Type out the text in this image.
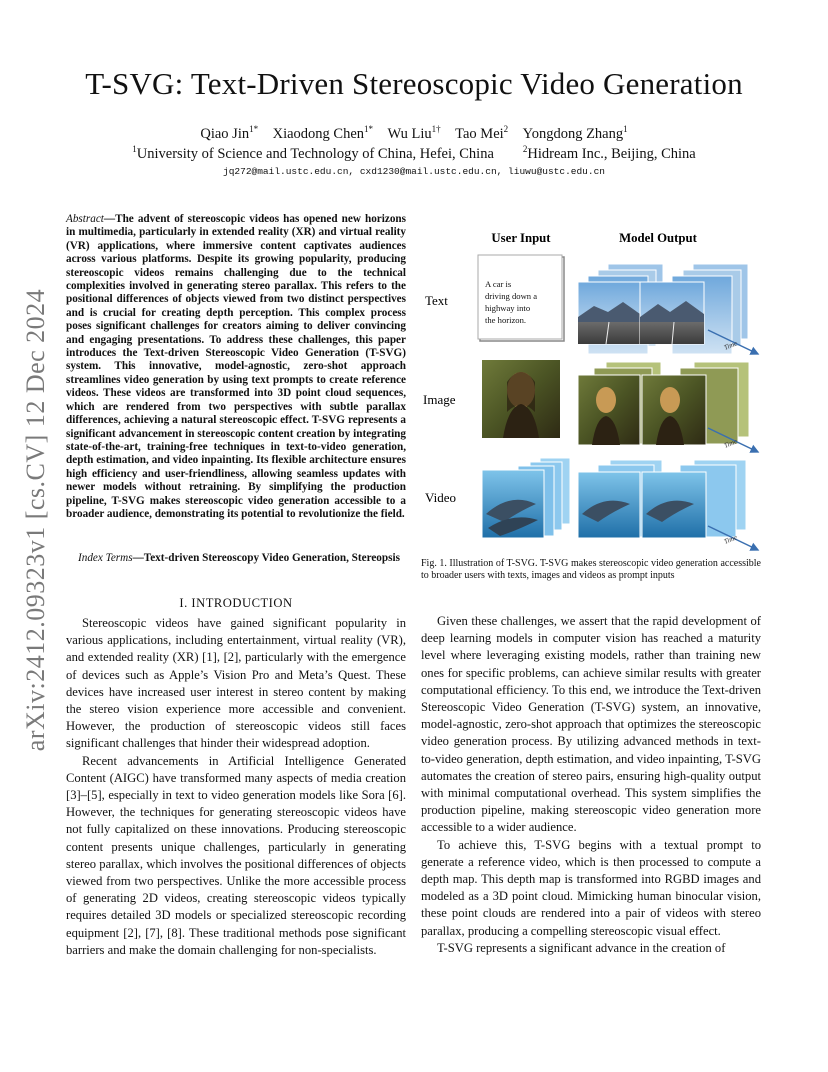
T-SVG: Text-Driven Stereoscopic Video Generation
Qiao Jin$^{1*}$  Xiaodong Chen$^{1*}$  Wu Liu$^{1\dagger}$  Tao Mei$^2$  Yongdong Zhang$^1$
$^1$University of Science and Technology of China, Hefei, China  	$^2$Hidream Inc., Beijing, China
jq272@mail.ustc.edu.cn, cxd1230@mail.ustc.edu.cn, liuwu@ustc.edu.cn
arXiv:2412.09323v1 [cs.CV] 12 Dec 2024
Abstract—The advent of stereoscopic videos has opened new horizons in multimedia, particularly in extended reality (XR) and virtual reality (VR) applications, where immersive content captivates audiences across various platforms. Despite its growing popularity, producing stereoscopic videos remains challenging due to the technical complexities involved in generating stereo parallax. This refers to the positional differences of objects viewed from two distinct perspectives and is crucial for creating depth perception. This complex process poses significant challenges for creators aiming to deliver convincing and engaging presentations. To address these challenges, this paper introduces the Text-driven Stereoscopic Video Generation (T-SVG) system. This innovative, model-agnostic, zero-shot approach streamlines video generation by using text prompts to create reference videos. These videos are transformed into 3D point cloud sequences, which are rendered from two perspectives with subtle parallax differences, achieving a natural stereoscopic effect. T-SVG represents a significant advancement in stereoscopic content creation by integrating state-of-the-art, training-free techniques in text-to-video generation, depth estimation, and video inpainting. Its flexible architecture ensures high efficiency and user-friendliness, allowing seamless updates with newer models without retraining. By simplifying the production pipeline, T-SVG makes stereoscopic video generation accessible to a broader audience, demonstrating its potential to revolutionize the field.
Index Terms—Text-driven Stereoscopy Video Generation, Stereopsis
I. INTRODUCTION

Stereoscopic videos have gained significant popularity in various applications, including entertainment, virtual reality (VR), and extended reality (XR) [1], [2], particularly with the emergence of devices such as Apple’s Vision Pro and Meta’s Quest. These devices have increased user interest in stereo content by making the stereo vision experience more accessible and convenient. However, the production of stereoscopic videos still faces significant challenges that hinder their widespread adoption.

Recent advancements in Artificial Intelligence Generated Content (AIGC) have transformed many aspects of media creation [3]–[5], especially in text to video generation models like Sora [6]. However, the techniques for generating stereoscopic videos have not fully capitalized on these innovations. Producing stereoscopic content presents unique challenges, particularly in generating stereo parallax, which involves the positional differences of objects viewed from two perspectives. Unlike the more accessible process of generating 2D videos, creating stereoscopic videos typically requires detailed 3D models or specialized stereoscopic recording equipment [2], [7], [8]. These traditional methods pose significant barriers and make the domain challenging for non-specialists.

Given these challenges, we assert that the rapid development of deep learning models in computer vision has reached a maturity level where leveraging existing models, rather than training new ones for specific problems, can achieve similar results with greater computational efficiency. To this end, we introduce the Text-driven Stereoscopic Video Generation (T-SVG) system, an innovative, model-agnostic, zero-shot approach that optimizes the stereoscopic video generation process. By utilizing advanced methods in text-to-video generation, depth estimation, and video inpainting, T-SVG automates the creation of stereo pairs, ensuring high-quality output with minimal computational overhead. This system simplifies the production pipeline, making stereoscopic video generation more accessible to a wider audience.

To achieve this, T-SVG begins with a textual prompt to generate a reference video, which is then processed to compute a depth map. This depth map is transformed into RGBD images and modeled as a 3D point cloud. Mimicking human binocular vision, these point clouds are rendered into a pair of videos with stereo parallax, producing a compelling stereoscopic visual effect.

T-SVG represents a significant advance in the creation of

User Input	Model Output
Text
Image
Video
A car is driving down a highway into the horizon.
Time
Time
Time
Fig. 1. Illustration of T-SVG. T-SVG makes stereoscopic video generation accessible to broader users with texts, images and videos as prompt inputs
